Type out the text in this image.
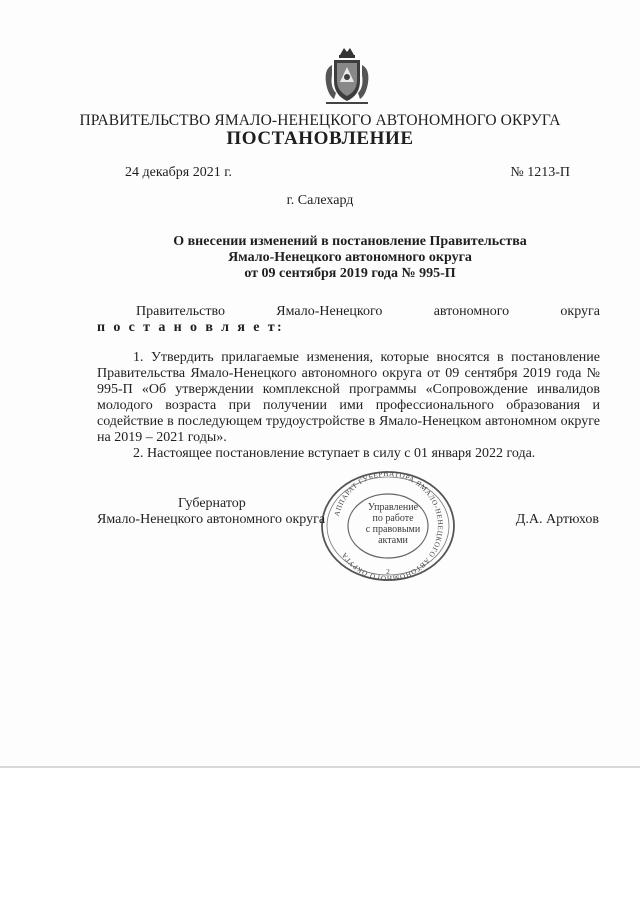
ПРАВИТЕЛЬСТВО ЯМАЛО-НЕНЕЦКОГО АВТОНОМНОГО ОКРУГА
ПОСТАНОВЛЕНИЕ
24 декабря 2021 г.	№ 1213-П
г. Салехард
О внесении изменений в постановление Правительства
Ямало-Ненецкого автономного округа
от 09 сентября 2019 года № 995-П
Правительство	Ямало-Ненецкого	автономного	округа
п о с т а н о в л я е т:

1. Утвердить прилагаемые изменения, которые вносятся в постановление Правительства Ямало-Ненецкого автономного округа от 09 сентября 2019 года № 995-П «Об утверждении комплексной программы «Сопровождение инвалидов молодого возраста при получении ими профессионального образования и содействие в последующем трудоустройстве в Ямало-Ненецком автономном округе на 2019 – 2021 годы».

2. Настоящее постановление вступает в силу с 01 января 2022 года.

АППАРАТ ГУБЕРНАТОРА ЯМАЛО-НЕНЕЦКОГО АВТОНОМНОГО ОКРУГА
2
Управление
по работе
с правовыми
актами
Губернатор
Ямало-Ненецкого автономного округа	Д.А. Артюхов
